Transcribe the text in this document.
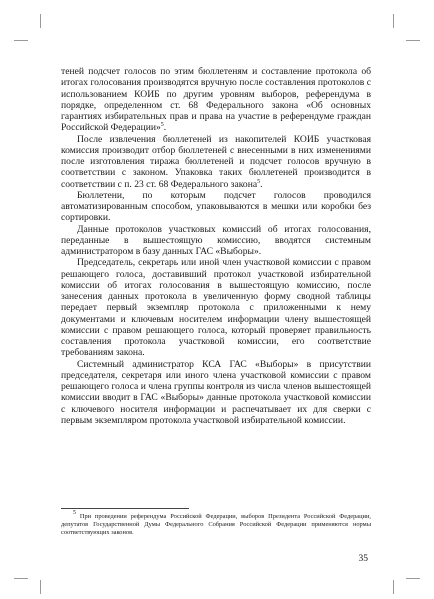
теней подсчет голосов по этим бюллетеням и составление протокола об итогах голосования производятся вручную после составления протоколов с использованием КОИБ по другим уровням выборов, референдума в порядке, определенном ст. 68 Федерального закона «Об основных гарантиях избирательных прав и права на участие в референдуме граждан Российской Федерации»$^5$.

После извлечения бюллетеней из накопителей КОИБ участковая комиссия производит отбор бюллетеней с внесенными в них изменениями после изготовления тиража бюллетеней и подсчет голосов вручную в соответствии с законом. Упаковка таких бюллетеней производится в соответствии с п. 23 ст. 68 Федерального закона$^5$.

Бюллетени, по которым подсчет голосов проводился автоматизированным способом, упаковываются в мешки или коробки без сортировки.

Данные протоколов участковых комиссий об итогах голосования, переданные в вышестоящую комиссию, вводятся системным администратором в базу данных ГАС «Выборы».

Председатель, секретарь или иной член участковой комиссии с правом решающего голоса, доставивший протокол участковой избирательной комиссии об итогах голосования в вышестоящую комиссию, после занесения данных протокола в увеличенную форму сводной таблицы передает первый экземпляр протокола с приложенными к нему документами и ключевым носителем информации члену вышестоящей комиссии с правом решающего голоса, который проверяет правильность составления протокола участковой комиссии, его соответствие требованиям закона.

Системный администратор КСА ГАС «Выборы» в присутствии председателя, секретаря или иного члена участковой комиссии с правом решающего голоса и члена группы контроля из числа членов вышестоящей комиссии вводит в ГАС «Выборы» данные протокола участковой комиссии с ключевого носителя информации и распечатывает их для сверки с первым экземпляром протокола участковой избирательной комиссии.

$^5$ При проведении референдума Российской Федерации, выборов Президента Российской Федерации, депутатов Государственной Думы Федерального Собрания Российской Федерации применяются нормы соответствующих законов.
35
